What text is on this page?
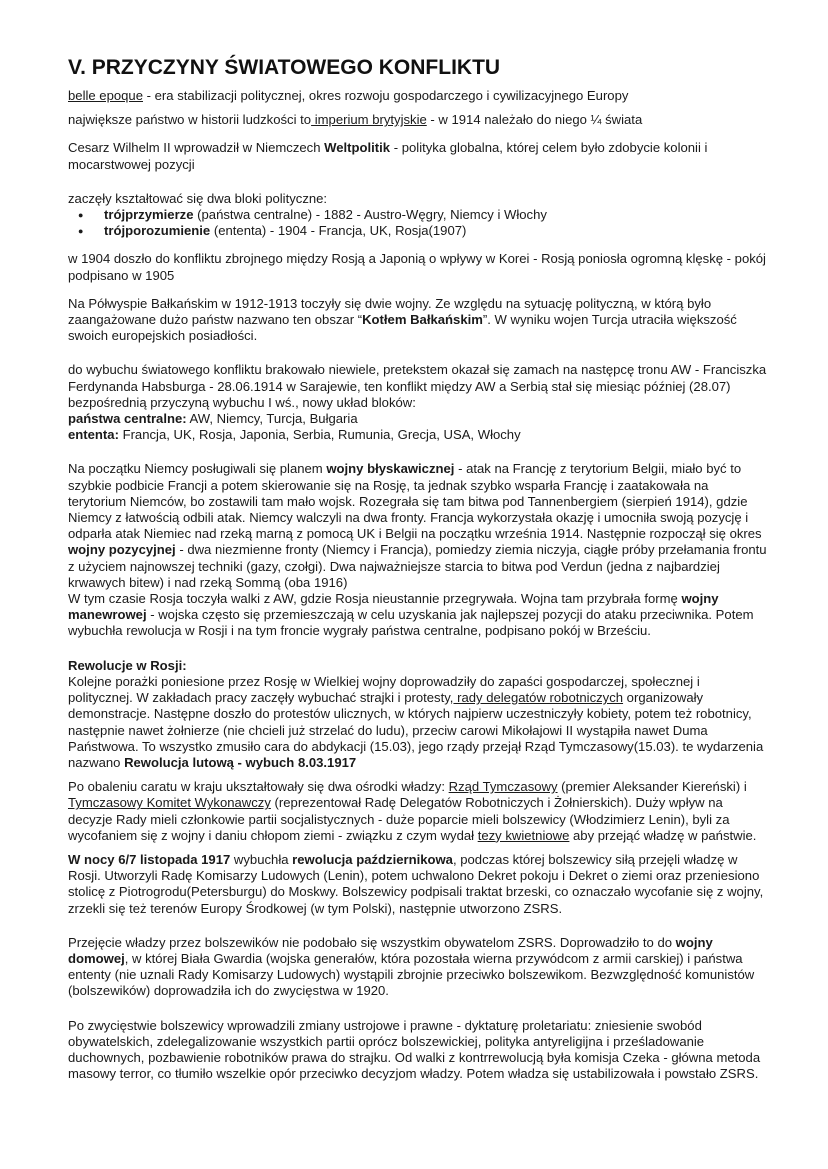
V. PRZYCZYNY ŚWIATOWEGO KONFLIKTU

belle epoque - era stabilizacji politycznej, okres rozwoju gospodarczego i cywilizacyjnego Europy

największe państwo w historii ludzkości to imperium brytyjskie - w 1914 należało do niego ¼ świata

Cesarz Wilhelm II wprowadził w Niemczech Weltpolitik - polityka globalna, której celem było zdobycie kolonii i mocarstwowej pozycji

zaczęły kształtować się dwa bloki polityczne:

● trójprzymierze (państwa centralne) - 1882 - Austro-Węgry, Niemcy i Włochy
● trójporozumienie (ententa) - 1904 - Francja, UK, Rosja(1907)

w 1904 doszło do konfliktu zbrojnego między Rosją a Japonią o wpływy w Korei - Rosją poniosła ogromną klęskę - pokój podpisano w 1905

Na Półwyspie Bałkańskim w 1912-1913 toczyły się dwie wojny. Ze względu na sytuację polityczną, w którą było zaangażowane dużo państw nazwano ten obszar “Kotłem Bałkańskim”. W wyniku wojen Turcja utraciła większość swoich europejskich posiadłości.

do wybuchu światowego konfliktu brakowało niewiele, pretekstem okazał się zamach na następcę tronu AW - Franciszka Ferdynanda Habsburga - 28.06.1914 w Sarajewie, ten konflikt między AW a Serbią stał się miesiąc później (28.07) bezpośrednią przyczyną wybuchu I wś., nowy układ bloków:
państwa centralne: AW, Niemcy, Turcja, Bułgaria
ententa: Francja, UK, Rosja, Japonia, Serbia, Rumunia, Grecja, USA, Włochy

Na początku Niemcy posługiwali się planem wojny błyskawicznej - atak na Francję z terytorium Belgii, miało być to szybkie podbicie Francji a potem skierowanie się na Rosję, ta jednak szybko wsparła Francję i zaatakowała na terytorium Niemców, bo zostawili tam mało wojsk. Rozegrała się tam bitwa pod Tannenbergiem (sierpień 1914), gdzie Niemcy z łatwością odbili atak. Niemcy walczyli na dwa fronty. Francja wykorzystała okazję i umocniła swoją pozycję i odparła atak Niemiec nad rzeką marną z pomocą UK i Belgii na początku września 1914. Następnie rozpoczął się okres wojny pozycyjnej - dwa niezmienne fronty (Niemcy i Francja), pomiedzy ziemia niczyja, ciągłe próby przełamania frontu z użyciem najnowszej techniki (gazy, czołgi). Dwa najważniejsze starcia to bitwa pod Verdun (jedna z najbardziej krwawych bitew) i nad rzeką Sommą (oba 1916)
W tym czasie Rosja toczyła walki z AW, gdzie Rosja nieustannie przegrywała. Wojna tam przybrała formę wojny manewrowej - wojska często się przemieszczają w celu uzyskania jak najlepszej pozycji do ataku przeciwnika. Potem wybuchła rewolucja w Rosji i na tym froncie wygrały państwa centralne, podpisano pokój w Brześciu.

Rewolucje w Rosji:
Kolejne porażki poniesione przez Rosję w Wielkiej wojny doprowadziły do zapaści gospodarczej, społecznej i politycznej. W zakładach pracy zaczęły wybuchać strajki i protesty, rady delegatów robotniczych organizowały demonstracje. Następne doszło do protestów ulicznych, w których najpierw uczestniczyły kobiety, potem też robotnicy, następnie nawet żołnierze (nie chcieli już strzelać do ludu), przeciw carowi Mikołajowi II wystąpiła nawet Duma Państwowa. To wszystko zmusiło cara do abdykacji (15.03), jego rządy przejął Rząd Tymczasowy(15.03). te wydarzenia nazwano Rewolucja lutową - wybuch 8.03.1917

Po obaleniu caratu w kraju ukształtowały się dwa ośrodki władzy: Rząd Tymczasowy (premier Aleksander Kiereński) i Tymczasowy Komitet Wykonawczy (reprezentował Radę Delegatów Robotniczych i Żołnierskich). Duży wpływ na decyzje Rady mieli członkowie partii socjalistycznych - duże poparcie mieli bolszewicy (Włodzimierz Lenin), byli za wycofaniem się z wojny i daniu chłopom ziemi - związku z czym wydał tezy kwietniowe aby przejąć władzę w państwie.

W nocy 6/7 listopada 1917 wybuchła rewolucja październikowa, podczas której bolszewicy siłą przejęli władzę w Rosji. Utworzyli Radę Komisarzy Ludowych (Lenin), potem uchwalono Dekret pokoju i Dekret o ziemi oraz przeniesiono stolicę z Piotrogrodu(Petersburgu) do Moskwy. Bolszewicy podpisali traktat brzeski, co oznaczało wycofanie się z wojny, zrzekli się też terenów Europy Środkowej (w tym Polski), następnie utworzono ZSRS.

Przejęcie władzy przez bolszewików nie podobało się wszystkim obywatelom ZSRS. Doprowadziło to do wojny domowej, w której Biała Gwardia (wojska generałów, która pozostała wierna przywódcom z armii carskiej) i państwa ententy (nie uznali Rady Komisarzy Ludowych) wystąpili zbrojnie przeciwko bolszewikom. Bezwzględność komunistów (bolszewików) doprowadziła ich do zwycięstwa w 1920.

Po zwycięstwie bolszewicy wprowadzili zmiany ustrojowe i prawne - dyktaturę proletariatu: zniesienie swobód obywatelskich, zdelegalizowanie wszystkich partii oprócz bolszewickiej, polityka antyreligijna i prześladowanie duchownych, pozbawienie robotników prawa do strajku. Od walki z kontrrewolucją była komisja Czeka - główna metoda masowy terror, co tłumiło wszelkie opór przeciwko decyzjom władzy. Potem władza się ustabilizowała i powstało ZSRS.
